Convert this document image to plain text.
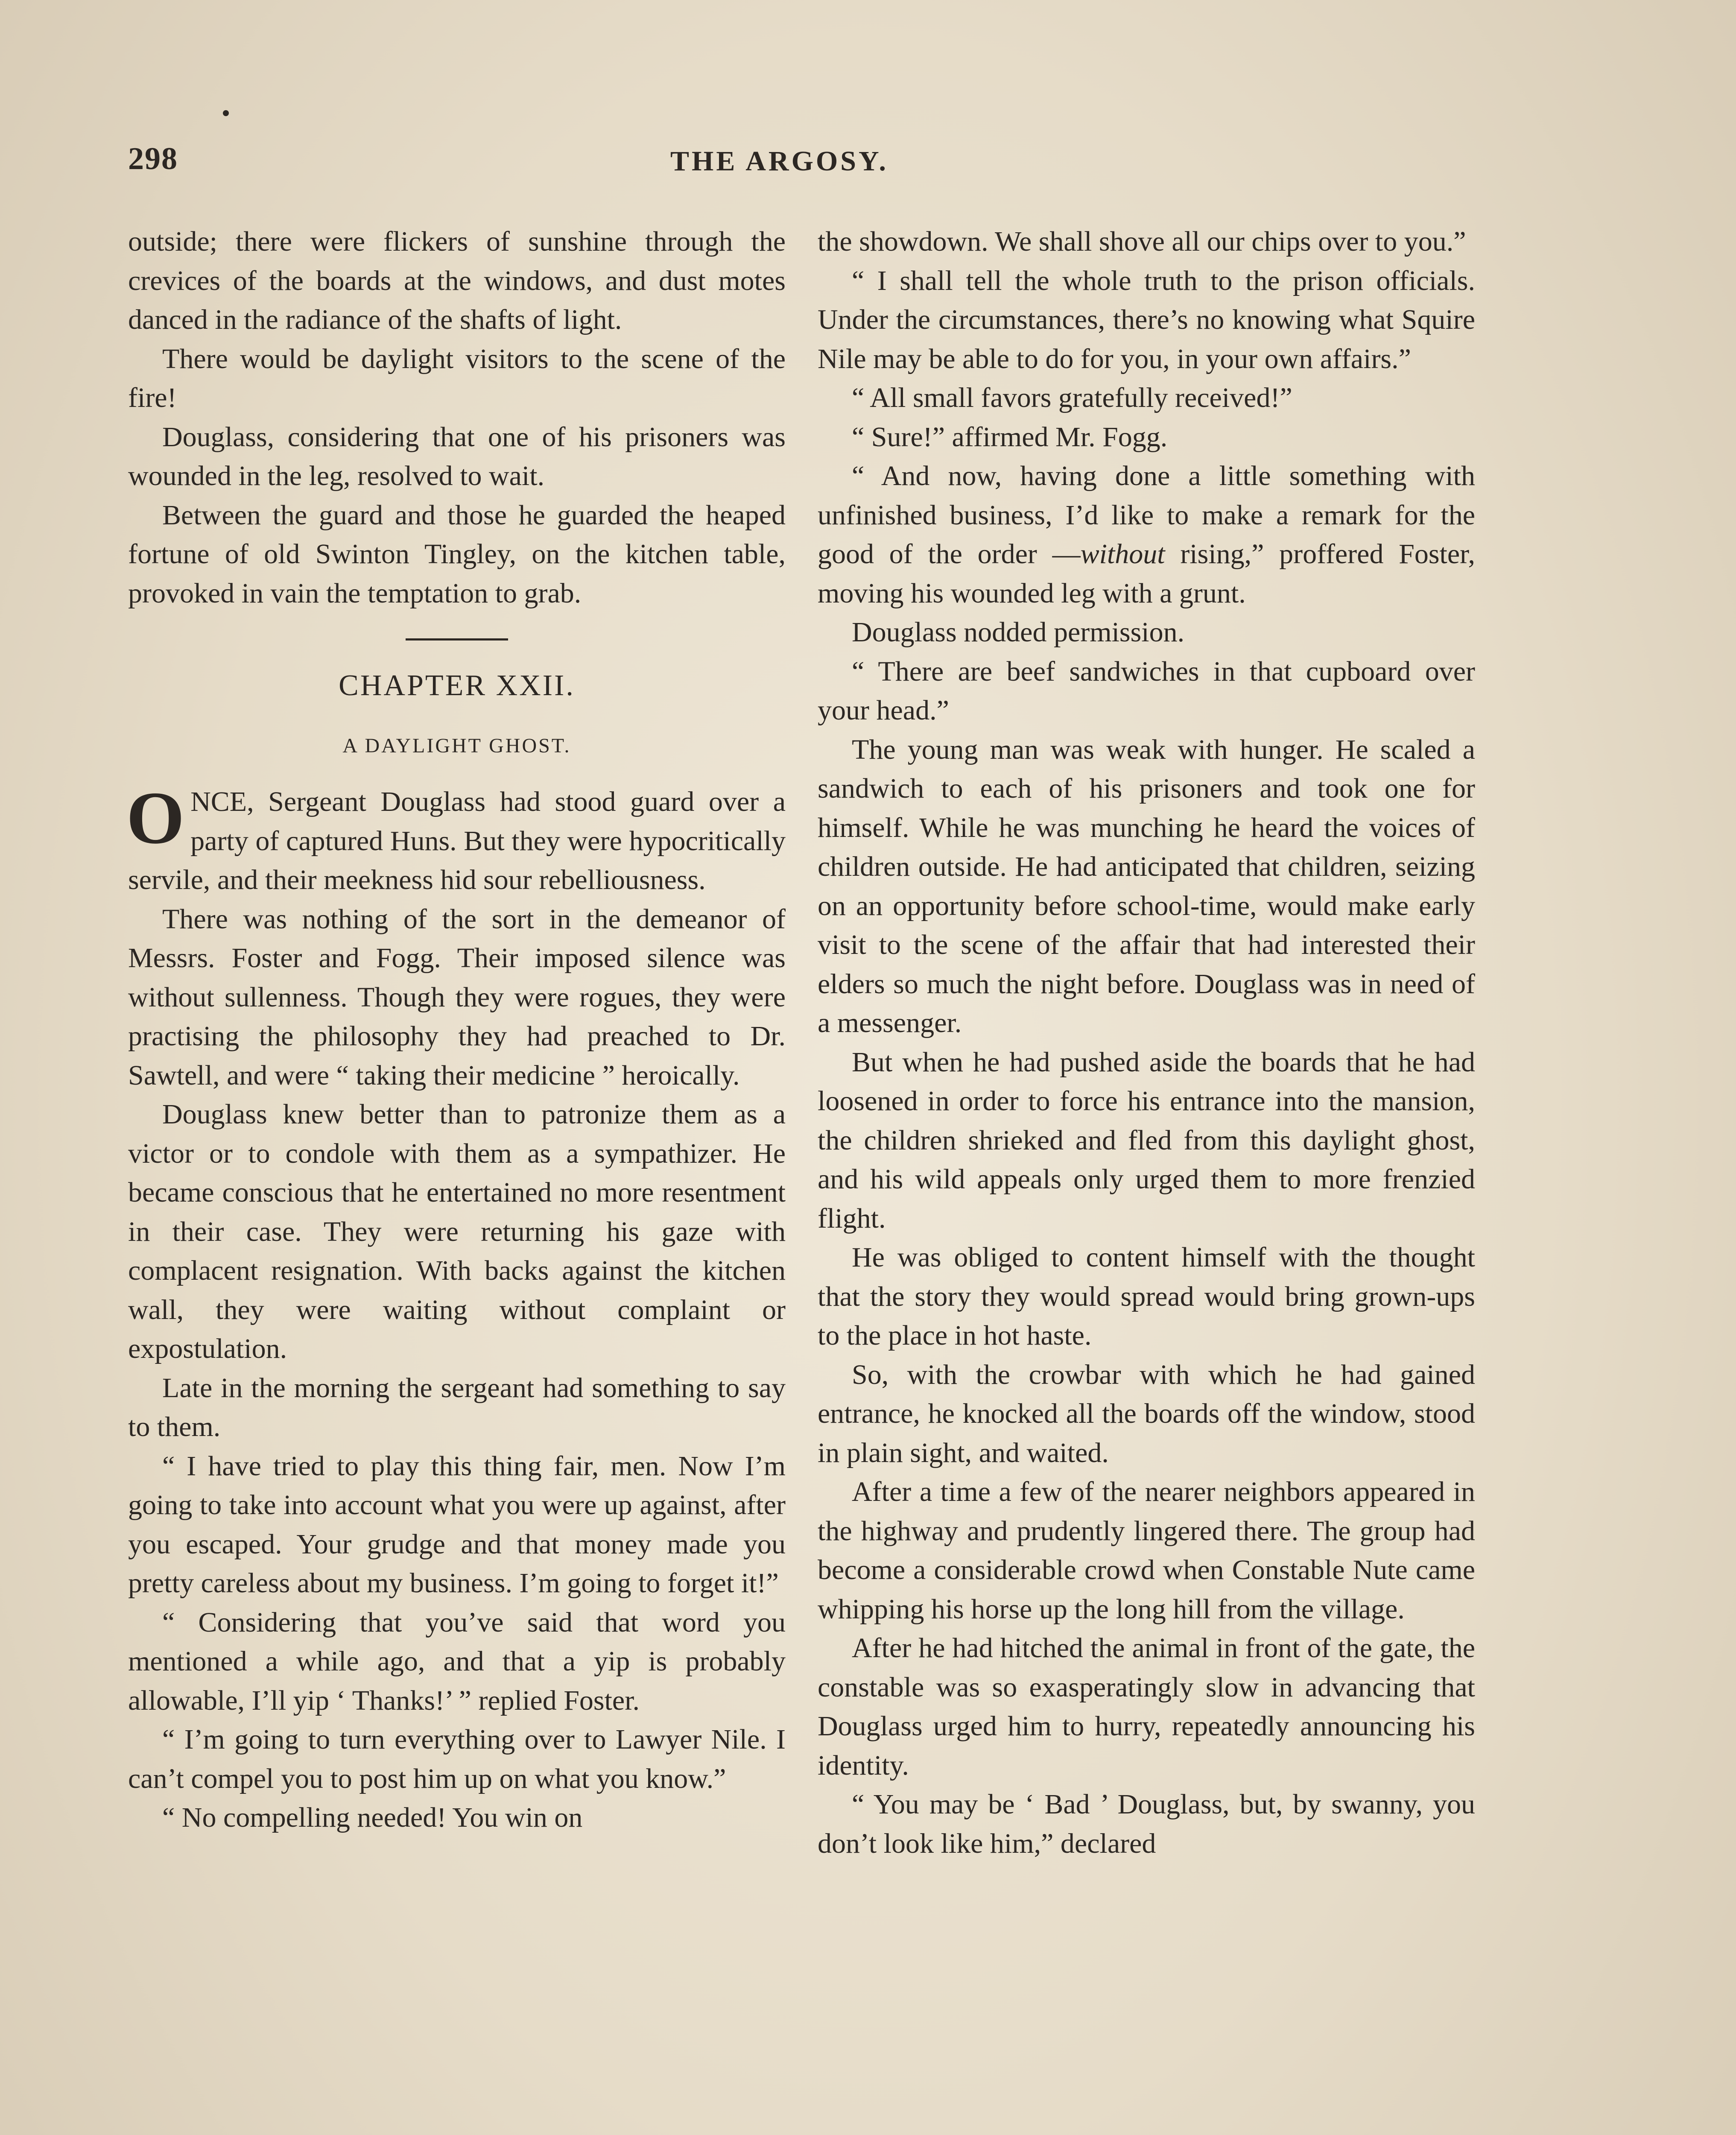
298	THE ARGOSY.

outside; there were flickers of sunshine through the crevices of the boards at the windows, and dust motes danced in the radiance of the shafts of light.

There would be daylight visitors to the scene of the fire!

Douglass, considering that one of his prisoners was wounded in the leg, resolved to wait.

Between the guard and those he guarded the heaped fortune of old Swinton Tingley, on the kitchen table, provoked in vain the temptation to grab.

CHAPTER XXII.
A DAYLIGHT GHOST.

ONCE, Sergeant Douglass had stood guard over a party of captured Huns. But they were hypocritically servile, and their meekness hid sour rebelliousness.

There was nothing of the sort in the demeanor of Messrs. Foster and Fogg. Their imposed silence was without sullenness. Though they were rogues, they were practising the philosophy they had preached to Dr. Sawtell, and were “ taking their medicine ” heroically.

Douglass knew better than to patronize them as a victor or to condole with them as a sympathizer. He became conscious that he entertained no more resentment in their case. They were returning his gaze with complacent resignation. With backs against the kitchen wall, they were waiting without complaint or expostulation.

Late in the morning the sergeant had something to say to them.

“ I have tried to play this thing fair, men. Now I’m going to take into account what you were up against, after you escaped. Your grudge and that money made you pretty careless about my business. I’m going to forget it!”

“ Considering that you’ve said that word you mentioned a while ago, and that a yip is probably allowable, I’ll yip ‘ Thanks!’ ” replied Foster.

“ I’m going to turn everything over to Lawyer Nile. I can’t compel you to post him up on what you know.”

“ No compelling needed! You win on

the showdown. We shall shove all our chips over to you.”

“ I shall tell the whole truth to the prison officials. Under the circumstances, there’s no knowing what Squire Nile may be able to do for you, in your own affairs.”

“ All small favors gratefully received!”

“ Sure!” affirmed Mr. Fogg.

“ And now, having done a little something with unfinished business, I’d like to make a remark for the good of the order —without rising,” proffered Foster, moving his wounded leg with a grunt.

Douglass nodded permission.

“ There are beef sandwiches in that cupboard over your head.”

The young man was weak with hunger. He scaled a sandwich to each of his prisoners and took one for himself. While he was munching he heard the voices of children outside. He had anticipated that children, seizing on an opportunity before school-time, would make early visit to the scene of the affair that had interested their elders so much the night before. Douglass was in need of a messenger.

But when he had pushed aside the boards that he had loosened in order to force his entrance into the mansion, the children shrieked and fled from this daylight ghost, and his wild appeals only urged them to more frenzied flight.

He was obliged to content himself with the thought that the story they would spread would bring grown-ups to the place in hot haste.

So, with the crowbar with which he had gained entrance, he knocked all the boards off the window, stood in plain sight, and waited.

After a time a few of the nearer neighbors appeared in the highway and prudently lingered there. The group had become a considerable crowd when Constable Nute came whipping his horse up the long hill from the village.

After he had hitched the animal in front of the gate, the constable was so exasperatingly slow in advancing that Douglass urged him to hurry, repeatedly announcing his identity.

“ You may be ‘ Bad ’ Douglass, but, by swanny, you don’t look like him,” declared
